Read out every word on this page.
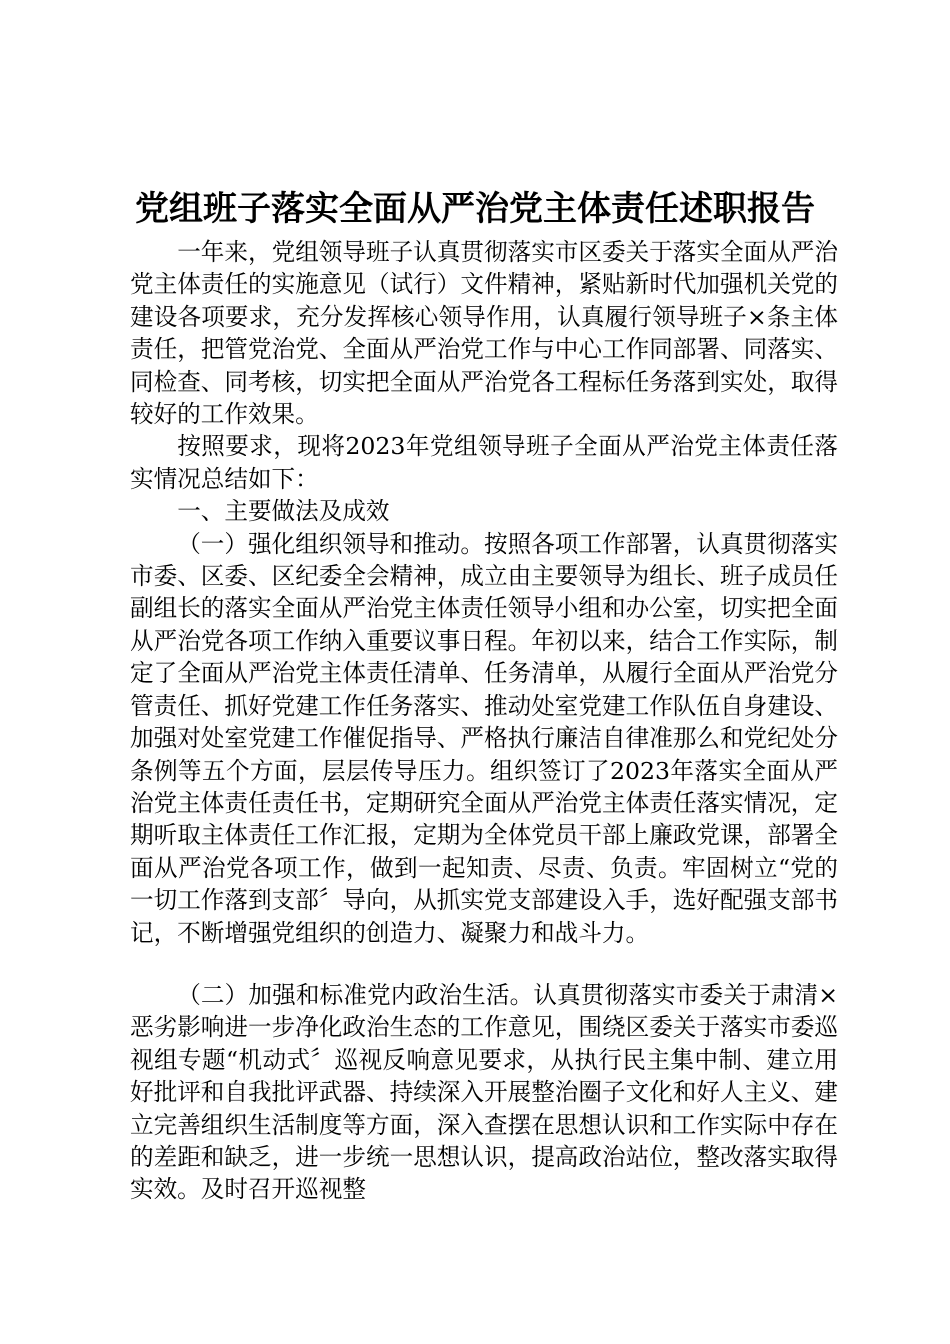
党组班子落实全面从严治党主体责任述职报告

一年来，党组领导班子认真贯彻落实市区委关于落实全面从严治党主体责任的实施意见（试行）文件精神，紧贴新时代加强机关党的建设各项要求，充分发挥核心领导作用，认真履行领导班子×条主体责任，把管党治党、全面从严治党工作与中心工作同部署、同落实、同检查、同考核，切实把全面从严治党各工程标任务落到实处，取得较好的工作效果。

按照要求，现将2023年党组领导班子全面从严治党主体责任落实情况总结如下：

一、主要做法及成效

（一）强化组织领导和推动。按照各项工作部署，认真贯彻落实市委、区委、区纪委全会精神，成立由主要领导为组长、班子成员任副组长的落实全面从严治党主体责任领导小组和办公室，切实把全面从严治党各项工作纳入重要议事日程。年初以来，结合工作实际，制定了全面从严治党主体责任清单、任务清单，从履行全面从严治党分管责任、抓好党建工作任务落实、推动处室党建工作队伍自身建设、加强对处室党建工作催促指导、严格执行廉洁自律准那么和党纪处分条例等五个方面，层层传导压力。组织签订了2023年落实全面从严治党主体责任责任书，定期研究全面从严治党主体责任落实情况，定期听取主体责任工作汇报，定期为全体党员干部上廉政党课，部署全面从严治党各项工作，做到一起知责、尽责、负责。牢固树立“党的一切工作落到支部〞导向，从抓实党支部建设入手，选好配强支部书记，不断增强党组织的创造力、凝聚力和战斗力。

（二）加强和标准党内政治生活。认真贯彻落实市委关于肃清×恶劣影响进一步净化政治生态的工作意见，围绕区委关于落实市委巡视组专题“机动式〞巡视反响意见要求，从执行民主集中制、建立用好批评和自我批评武器、持续深入开展整治圈子文化和好人主义、建立完善组织生活制度等方面，深入查摆在思想认识和工作实际中存在的差距和缺乏，进一步统一思想认识，提高政治站位，整改落实取得实效。及时召开巡视整
